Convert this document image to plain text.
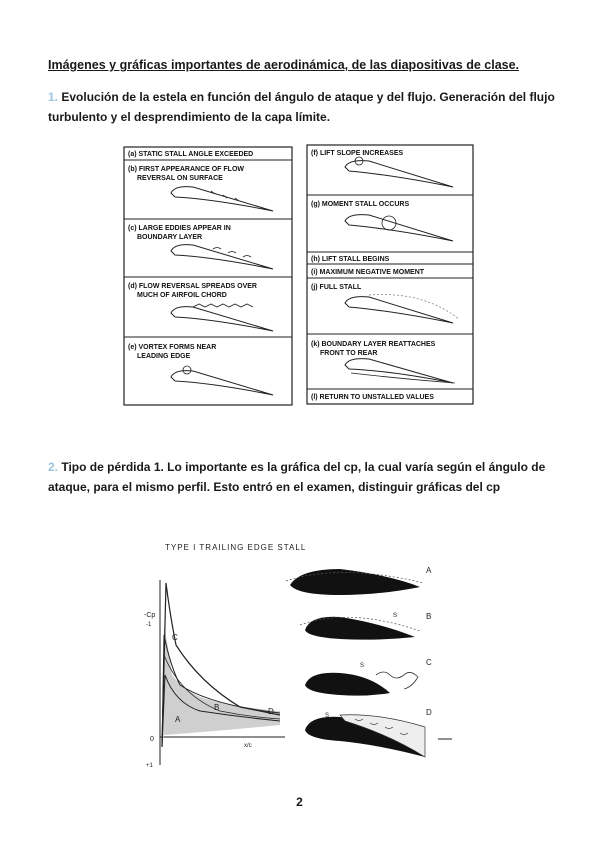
Imágenes y gráficas importantes de aerodinámica, de las diapositivas de clase.
1. Evolución de la estela en función del ángulo de ataque y del flujo. Generación del flujo turbulento y el desprendimiento de la capa límite.
(a) STATIC STALL ANGLE EXCEEDED
(b) FIRST APPEARANCE OF FLOW
REVERSAL ON SURFACE
(c) LARGE EDDIES APPEAR IN
BOUNDARY LAYER
(d) FLOW REVERSAL SPREADS OVER
MUCH OF AIRFOIL CHORD
(e) VORTEX FORMS NEAR
LEADING EDGE
(f) LIFT SLOPE INCREASES
(g) MOMENT STALL OCCURS
(h) LIFT STALL BEGINS
(i) MAXIMUM NEGATIVE MOMENT
(j) FULL STALL
(k) BOUNDARY LAYER REATTACHES
FRONT TO REAR
(l) RETURN TO UNSTALLED VALUES
2. Tipo de pérdida 1. Lo importante es la gráfica del cp, la cual varía según el ángulo de ataque, para el mismo perfil. Esto entró en el examen, distinguir gráficas del cp
TYPE I TRAILING EDGE STALL
-Cp
-1
0
+1
x/c
C
B
A
D
A
S	B
S	C
S	D
2
